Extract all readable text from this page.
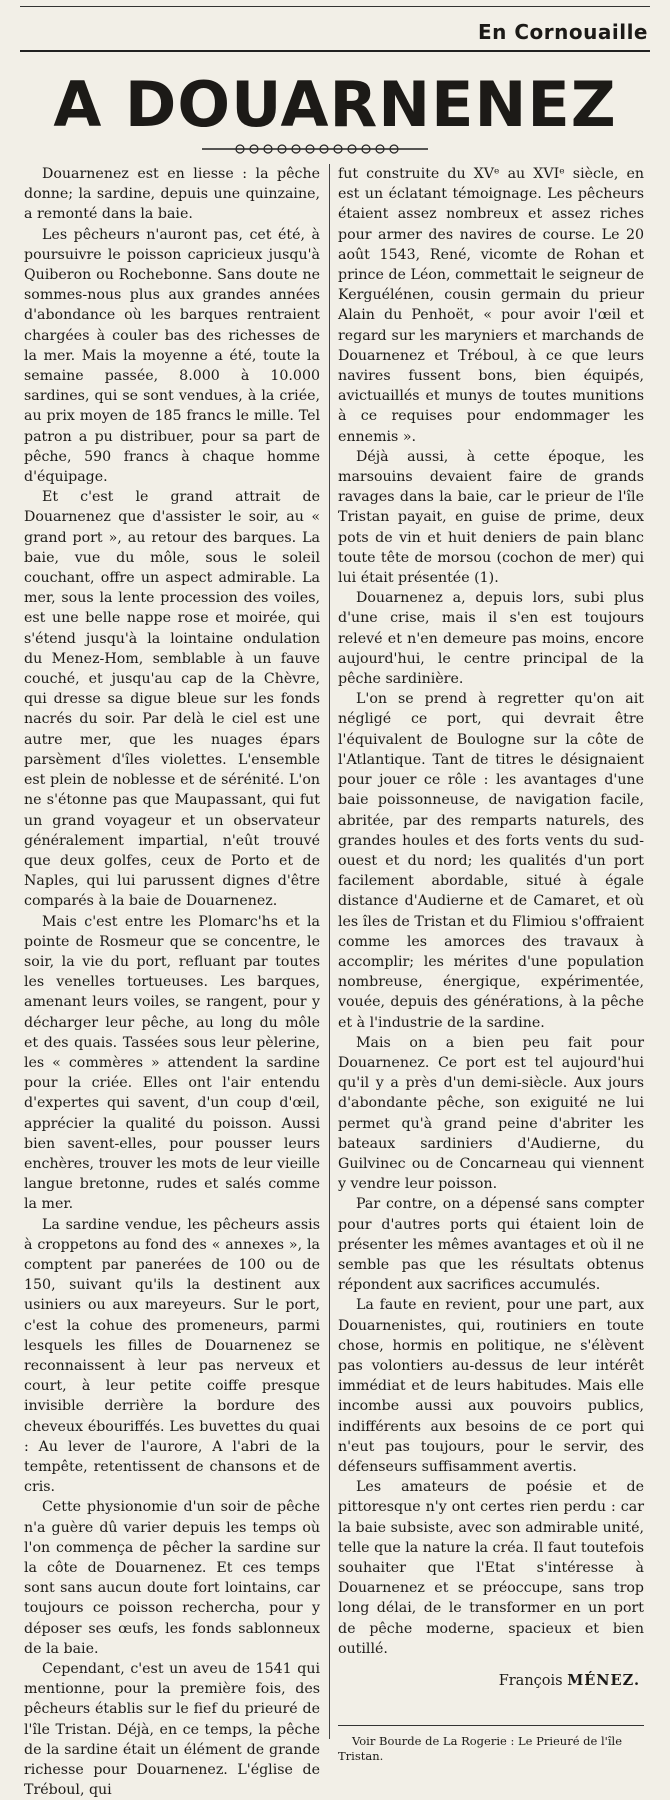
En Cornouaille
A DOUARNENEZ

Douarnenez est en liesse : la pêche donne; la sardine, depuis une quinzaine, a remonté dans la baie.

Les pêcheurs n'auront pas, cet été, à poursuivre le poisson capricieux jusqu'à Quiberon ou Rochebonne. Sans doute ne sommes-nous plus aux grandes années d'abondance où les barques rentraient chargées à couler bas des richesses de la mer. Mais la moyenne a été, toute la semaine passée, 8.000 à 10.000 sardines, qui se sont vendues, à la criée, au prix moyen de 185 francs le mille. Tel patron a pu distribuer, pour sa part de pêche, 590 francs à chaque homme d'équipage.

Et c'est le grand attrait de Douarnenez que d'assister le soir, au « grand port », au retour des barques. La baie, vue du môle, sous le soleil couchant, offre un aspect admirable. La mer, sous la lente procession des voiles, est une belle nappe rose et moirée, qui s'étend jusqu'à la lointaine ondulation du Menez-Hom, semblable à un fauve couché, et jusqu'au cap de la Chèvre, qui dresse sa digue bleue sur les fonds nacrés du soir. Par delà le ciel est une autre mer, que les nuages épars parsèment d'îles violettes. L'ensemble est plein de noblesse et de sérénité. L'on ne s'étonne pas que Maupassant, qui fut un grand voyageur et un observateur généralement impartial, n'eût trouvé que deux golfes, ceux de Porto et de Naples, qui lui parussent dignes d'être comparés à la baie de Douarnenez.

Mais c'est entre les Plomarc'hs et la pointe de Rosmeur que se concentre, le soir, la vie du port, refluant par toutes les venelles tortueuses. Les barques, amenant leurs voiles, se rangent, pour y décharger leur pêche, au long du môle et des quais. Tassées sous leur pèlerine, les « commères » attendent la sardine pour la criée. Elles ont l'air entendu d'expertes qui savent, d'un coup d'œil, apprécier la qualité du poisson. Aussi bien savent-elles, pour pousser leurs enchères, trouver les mots de leur vieille langue bretonne, rudes et salés comme la mer.

La sardine vendue, les pêcheurs assis à croppetons au fond des « annexes », la comptent par panerées de 100 ou de 150, suivant qu'ils la destinent aux usiniers ou aux mareyeurs. Sur le port, c'est la cohue des promeneurs, parmi lesquels les filles de Douarnenez se reconnaissent à leur pas nerveux et court, à leur petite coiffe presque invisible derrière la bordure des cheveux ébouriffés. Les buvettes du quai : Au lever de l'aurore, A l'abri de la tempête, retentissent de chansons et de cris.

Cette physionomie d'un soir de pêche n'a guère dû varier depuis les temps où l'on commença de pêcher la sardine sur la côte de Douarnenez. Et ces temps sont sans aucun doute fort lointains, car toujours ce poisson rechercha, pour y déposer ses œufs, les fonds sablonneux de la baie.

Cependant, c'est un aveu de 1541 qui mentionne, pour la première fois, des pêcheurs établis sur le fief du prieuré de l'île Tristan. Déjà, en ce temps, la pêche de la sardine était un élément de grande richesse pour Douarnenez. L'église de Tréboul, qui

fut construite du XVᵉ au XVIᵉ siècle, en est un éclatant témoignage. Les pêcheurs étaient assez nombreux et assez riches pour armer des navires de course. Le 20 août 1543, René, vicomte de Rohan et prince de Léon, commettait le seigneur de Kerguélénen, cousin germain du prieur Alain du Penhoët, « pour avoir l'œil et regard sur les maryniers et marchands de Douarnenez et Tréboul, à ce que leurs navires fussent bons, bien équipés, avictuaillés et munys de toutes munitions à ce requises pour endommager les ennemis ».

Déjà aussi, à cette époque, les marsouins devaient faire de grands ravages dans la baie, car le prieur de l'île Tristan payait, en guise de prime, deux pots de vin et huit deniers de pain blanc toute tête de morsou (cochon de mer) qui lui était présentée (1).

Douarnenez a, depuis lors, subi plus d'une crise, mais il s'en est toujours relevé et n'en demeure pas moins, encore aujourd'hui, le centre principal de la pêche sardinière.

L'on se prend à regretter qu'on ait négligé ce port, qui devrait être l'équivalent de Boulogne sur la côte de l'Atlantique. Tant de titres le désignaient pour jouer ce rôle : les avantages d'une baie poissonneuse, de navigation facile, abritée, par des remparts naturels, des grandes houles et des forts vents du sud-ouest et du nord; les qualités d'un port facilement abordable, situé à égale distance d'Audierne et de Camaret, et où les îles de Tristan et du Flimiou s'offraient comme les amorces des travaux à accomplir; les mérites d'une population nombreuse, énergique, expérimentée, vouée, depuis des générations, à la pêche et à l'industrie de la sardine.

Mais on a bien peu fait pour Douarnenez. Ce port est tel aujourd'hui qu'il y a près d'un demi-siècle. Aux jours d'abondante pêche, son exiguité ne lui permet qu'à grand peine d'abriter les bateaux sardiniers d'Audierne, du Guilvinec ou de Concarneau qui viennent y vendre leur poisson.

Par contre, on a dépensé sans compter pour d'autres ports qui étaient loin de présenter les mêmes avantages et où il ne semble pas que les résultats obtenus répondent aux sacrifices accumulés.

La faute en revient, pour une part, aux Douarnenistes, qui, routiniers en toute chose, hormis en politique, ne s'élèvent pas volontiers au-dessus de leur intérêt immédiat et de leurs habitudes. Mais elle incombe aussi aux pouvoirs publics, indifférents aux besoins de ce port qui n'eut pas toujours, pour le servir, des défenseurs suffisamment avertis.

Les amateurs de poésie et de pittoresque n'y ont certes rien perdu : car la baie subsiste, avec son admirable unité, telle que la nature la créa. Il faut toutefois souhaiter que l'Etat s'intéresse à Douarnenez et se préoccupe, sans trop long délai, de le transformer en un port de pêche moderne, spacieux et bien outillé.

François MÉNEZ.
Voir Bourde de La Rogerie : Le Prieuré de l'île Tristan.
